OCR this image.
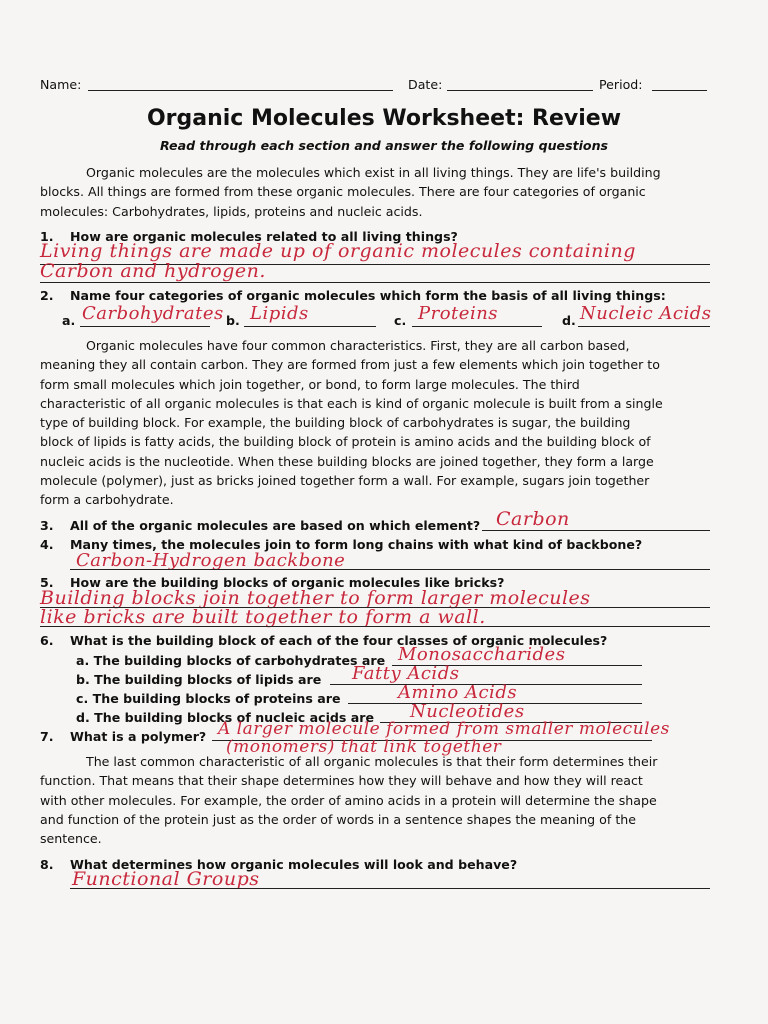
Name:	Date:	Period:
Organic Molecules Worksheet: Review
Read through each section and answer the following questions
Organic molecules are the molecules which exist in all living things. They are life's building
blocks. All things are formed from these organic molecules. There are four categories of organic
molecules: Carbohydrates, lipids, proteins and nucleic acids.
1. How are organic molecules related to all living things?
Living things are made up of organic molecules containing
Carbon and hydrogen.
2. Name four categories of organic molecules which form the basis of all living things:
a. Carbohydrates b. Lipids	c. Proteins	d. Nucleic Acids
Organic molecules have four common characteristics. First, they are all carbon based,
meaning they all contain carbon. They are formed from just a few elements which join together to
form small molecules which join together, or bond, to form large molecules. The third
characteristic of all organic molecules is that each is kind of organic molecule is built from a single
type of building block. For example, the building block of carbohydrates is sugar, the building
block of lipids is fatty acids, the building block of protein is amino acids and the building block of
nucleic acids is the nucleotide. When these building blocks are joined together, they form a large
molecule (polymer), just as bricks joined together form a wall. For example, sugars join together
form a carbohydrate.
3. All of the organic molecules are based on which element? Carbon
4. Many times, the molecules join to form long chains with what kind of backbone?
Carbon-Hydrogen backbone
5. How are the building blocks of organic molecules like bricks?
Building blocks join together to form larger molecules
like bricks are built together to form a wall.
6. What is the building block of each of the four classes of organic molecules?
a. The building blocks of carbohydrates are Monosaccharides
b. The building blocks of lipids are Fatty Acids
c. The building blocks of proteins are	Amino Acids
d. The building blocks of nucleic acids are Nucleotides
7. What is a polymer? A larger molecule formed from smaller molecules
(monomers) that link together
The last common characteristic of all organic molecules is that their form determines their
function. That means that their shape determines how they will behave and how they will react
with other molecules. For example, the order of amino acids in a protein will determine the shape
and function of the protein just as the order of words in a sentence shapes the meaning of the
sentence.
8. What determines how organic molecules will look and behave?
Functional Groups
